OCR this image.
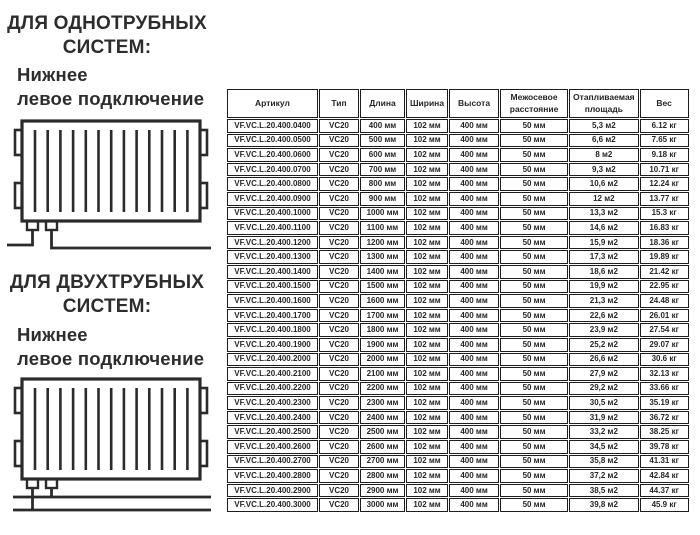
ДЛЯ ОДНОТРУБНЫХ
СИСТЕМ:
Нижнее
левое подключение
ДЛЯ ДВУХТРУБНЫХ
СИСТЕМ:
Нижнее
левое подключение
Артикул	Тип	Длина	Ширина	Высота	Межосевое расстояние	Отапливаемая площадь	Вес
VF.VC.L.20.400.0400	VC20	400 мм	102 мм	400 мм	50 мм	5,3 м2	6.12 кг
VF.VC.L.20.400.0500	VC20	500 мм	102 мм	400 мм	50 мм	6,6 м2	7.65 кг
VF.VC.L.20.400.0600	VC20	600 мм	102 мм	400 мм	50 мм	8 м2	9.18 кг
VF.VC.L.20.400.0700	VC20	700 мм	102 мм	400 мм	50 мм	9,3 м2	10.71 кг
VF.VC.L.20.400.0800	VC20	800 мм	102 мм	400 мм	50 мм	10,6 м2	12.24 кг
VF.VC.L.20.400.0900	VC20	900 мм	102 мм	400 мм	50 мм	12 м2	13.77 кг
VF.VC.L.20.400.1000	VC20	1000 мм	102 мм	400 мм	50 мм	13,3 м2	15.3 кг
VF.VC.L.20.400.1100	VC20	1100 мм	102 мм	400 мм	50 мм	14,6 м2	16.83 кг
VF.VC.L.20.400.1200	VC20	1200 мм	102 мм	400 мм	50 мм	15,9 м2	18.36 кг
VF.VC.L.20.400.1300	VC20	1300 мм	102 мм	400 мм	50 мм	17,3 м2	19.89 кг
VF.VC.L.20.400.1400	VC20	1400 мм	102 мм	400 мм	50 мм	18,6 м2	21.42 кг
VF.VC.L.20.400.1500	VC20	1500 мм	102 мм	400 мм	50 мм	19,9 м2	22.95 кг
VF.VC.L.20.400.1600	VC20	1600 мм	102 мм	400 мм	50 мм	21,3 м2	24.48 кг
VF.VC.L.20.400.1700	VC20	1700 мм	102 мм	400 мм	50 мм	22,6 м2	26.01 кг
VF.VC.L.20.400.1800	VC20	1800 мм	102 мм	400 мм	50 мм	23,9 м2	27.54 кг
VF.VC.L.20.400.1900	VC20	1900 мм	102 мм	400 мм	50 мм	25,2 м2	29.07 кг
VF.VC.L.20.400.2000	VC20	2000 мм	102 мм	400 мм	50 мм	26,6 м2	30.6 кг
VF.VC.L.20.400.2100	VC20	2100 мм	102 мм	400 мм	50 мм	27,9 м2	32.13 кг
VF.VC.L.20.400.2200	VC20	2200 мм	102 мм	400 мм	50 мм	29,2 м2	33.66 кг
VF.VC.L.20.400.2300	VC20	2300 мм	102 мм	400 мм	50 мм	30,5 м2	35.19 кг
VF.VC.L.20.400.2400	VC20	2400 мм	102 мм	400 мм	50 мм	31,9 м2	36.72 кг
VF.VC.L.20.400.2500	VC20	2500 мм	102 мм	400 мм	50 мм	33,2 м2	38.25 кг
VF.VC.L.20.400.2600	VC20	2600 мм	102 мм	400 мм	50 мм	34,5 м2	39.78 кг
VF.VC.L.20.400.2700	VC20	2700 мм	102 мм	400 мм	50 мм	35,8 м2	41.31 кг
VF.VC.L.20.400.2800	VC20	2800 мм	102 мм	400 мм	50 мм	37,2 м2	42.84 кг
VF.VC.L.20.400.2900	VC20	2900 мм	102 мм	400 мм	50 мм	38,5 м2	44.37 кг
VF.VC.L.20.400.3000	VC20	3000 мм	102 мм	400 мм	50 мм	39,8 м2	45.9 кг
